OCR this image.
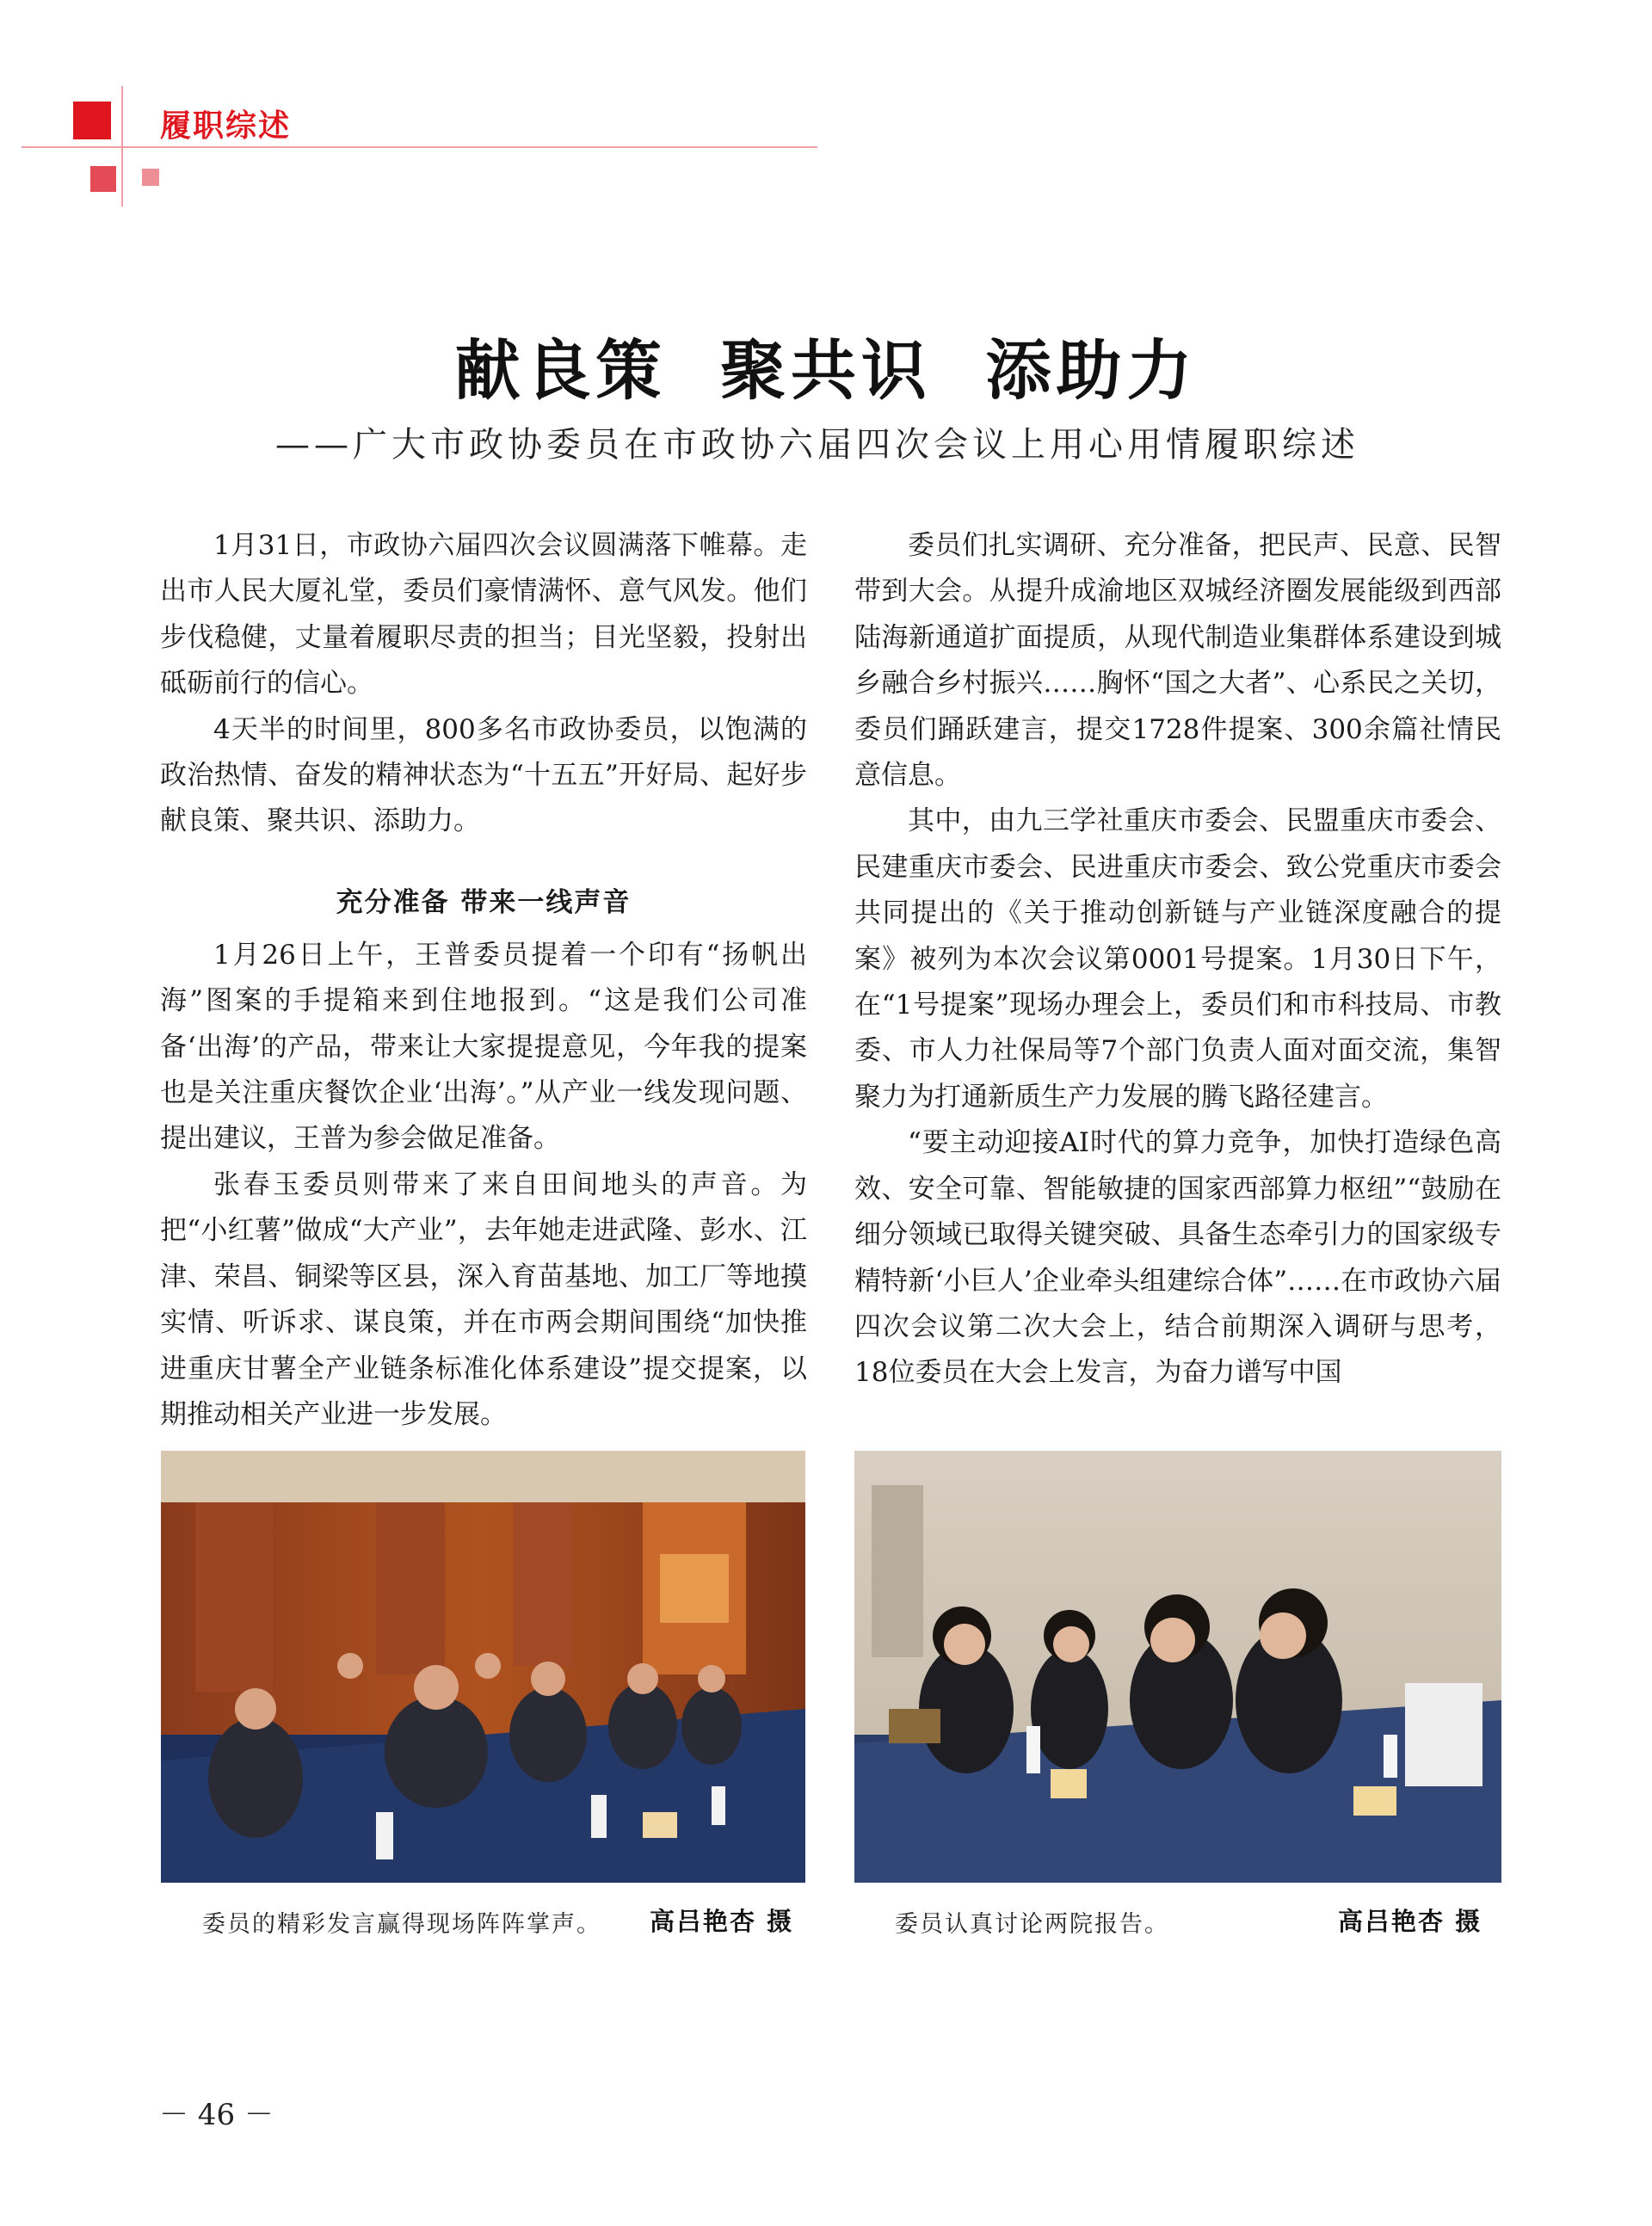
履职综述
献良策 聚共识 添助力
——广大市政协委员在市政协六届四次会议上用心用情履职综述

1月31日，市政协六届四次会议圆满落下帷幕。走出市人民大厦礼堂，委员们豪情满怀、意气风发。他们步伐稳健，丈量着履职尽责的担当；目光坚毅，投射出砥砺前行的信心。

4天半的时间里，800多名市政协委员，以饱满的政治热情、奋发的精神状态为“十五五”开好局、起好步献良策、聚共识、添助力。

充分准备 带来一线声音

1月26日上午，王普委员提着一个印有“扬帆出海”图案的手提箱来到住地报到。“这是我们公司准备‘出海’的产品，带来让大家提提意见，今年我的提案也是关注重庆餐饮企业‘出海’。”从产业一线发现问题、提出建议，王普为参会做足准备。

张春玉委员则带来了来自田间地头的声音。为把“小红薯”做成“大产业”，去年她走进武隆、彭水、江津、荣昌、铜梁等区县，深入育苗基地、加工厂等地摸实情、听诉求、谋良策，并在市两会期间围绕“加快推进重庆甘薯全产业链条标准化体系建设”提交提案，以期推动相关产业进一步发展。

委员们扎实调研、充分准备，把民声、民意、民智带到大会。从提升成渝地区双城经济圈发展能级到西部陆海新通道扩面提质，从现代制造业集群体系建设到城乡融合乡村振兴……胸怀“国之大者”、心系民之关切，委员们踊跃建言，提交1728件提案、300余篇社情民意信息。

其中，由九三学社重庆市委会、民盟重庆市委会、民建重庆市委会、民进重庆市委会、致公党重庆市委会共同提出的《关于推动创新链与产业链深度融合的提案》被列为本次会议第0001号提案。1月30日下午，在“1号提案”现场办理会上，委员们和市科技局、市教委、市人力社保局等7个部门负责人面对面交流，集智聚力为打通新质生产力发展的腾飞路径建言。

“要主动迎接AI时代的算力竞争，加快打造绿色高效、安全可靠、智能敏捷的国家西部算力枢纽”“鼓励在细分领域已取得关键突破、具备生态牵引力的国家级专精特新‘小巨人’企业牵头组建综合体”……在市政协六届四次会议第二次大会上，结合前期深入调研与思考，18位委员在大会上发言，为奋力谱写中国

委员的精彩发言赢得现场阵阵掌声。 高吕艳杏 摄	委员认真讨论两院报告。	高吕艳杏 摄
－ 46 －
